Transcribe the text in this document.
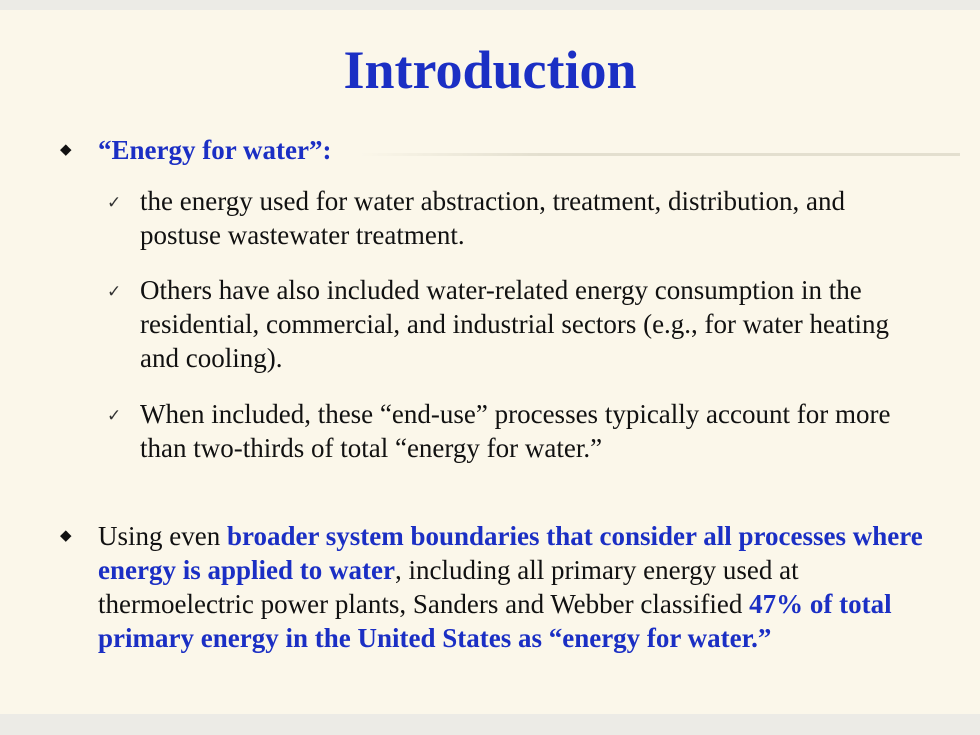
Introduction
◆ “Energy for water”:
✓ the energy used for water abstraction, treatment, distribution, and postuse wastewater treatment.
✓ Others have also included water-related energy consumption in the residential, commercial, and industrial sectors (e.g., for water heating and cooling).
✓ When included, these “end-use” processes typically account for more than two-thirds of total “energy for water.”
◆ Using even broader system boundaries that consider all processes where energy is applied to water, including all primary energy used at thermoelectric power plants, Sanders and Webber classified 47% of total primary energy in the United States as “energy for water.”
